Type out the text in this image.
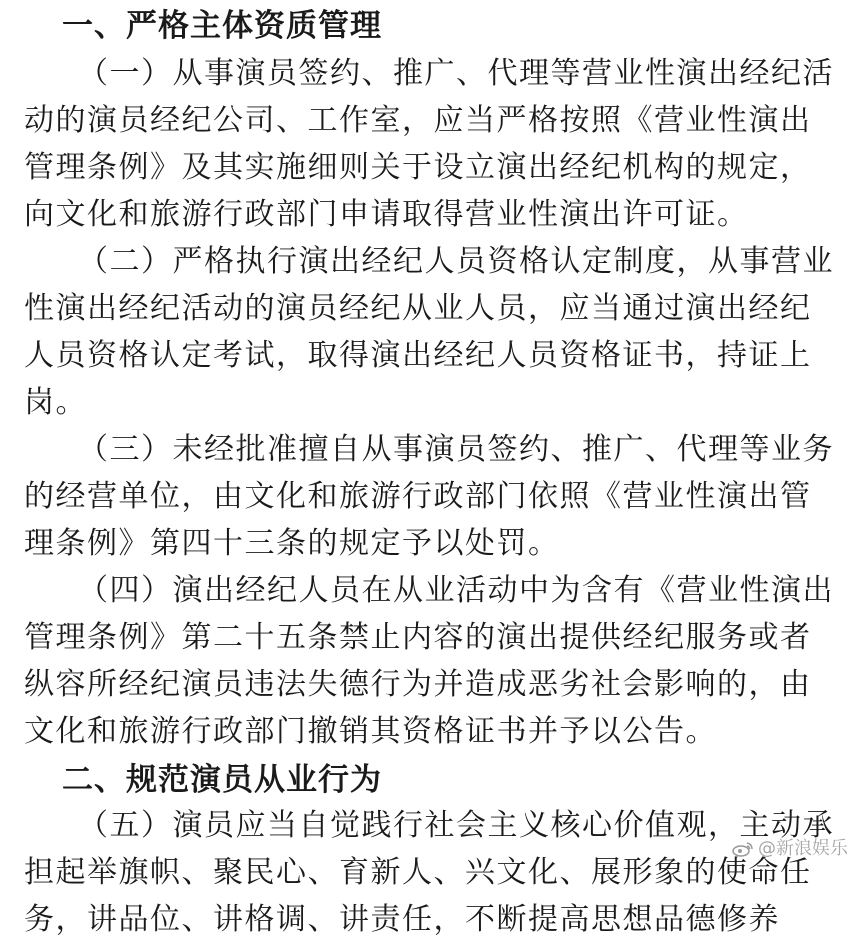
一、严格主体资质管理
（一）从事演员签约、推广、代理等营业性演出经纪活
动的演员经纪公司、工作室，应当严格按照《营业性演出
管理条例》及其实施细则关于设立演出经纪机构的规定，
向文化和旅游行政部门申请取得营业性演出许可证。
（二）严格执行演出经纪人员资格认定制度，从事营业
性演出经纪活动的演员经纪从业人员，应当通过演出经纪
人员资格认定考试，取得演出经纪人员资格证书，持证上
岗。
（三）未经批准擅自从事演员签约、推广、代理等业务
的经营单位，由文化和旅游行政部门依照《营业性演出管
理条例》第四十三条的规定予以处罚。
（四）演出经纪人员在从业活动中为含有《营业性演出
管理条例》第二十五条禁止内容的演出提供经纪服务或者
纵容所经纪演员违法失德行为并造成恶劣社会影响的，由
文化和旅游行政部门撤销其资格证书并予以公告。
二、规范演员从业行为
（五）演员应当自觉践行社会主义核心价值观，主动承
担起举旗帜、聚民心、育新人、兴文化、展形象的使命任
务，讲品位、讲格调、讲责任，不断提高思想品德修养
@新浪娱乐
